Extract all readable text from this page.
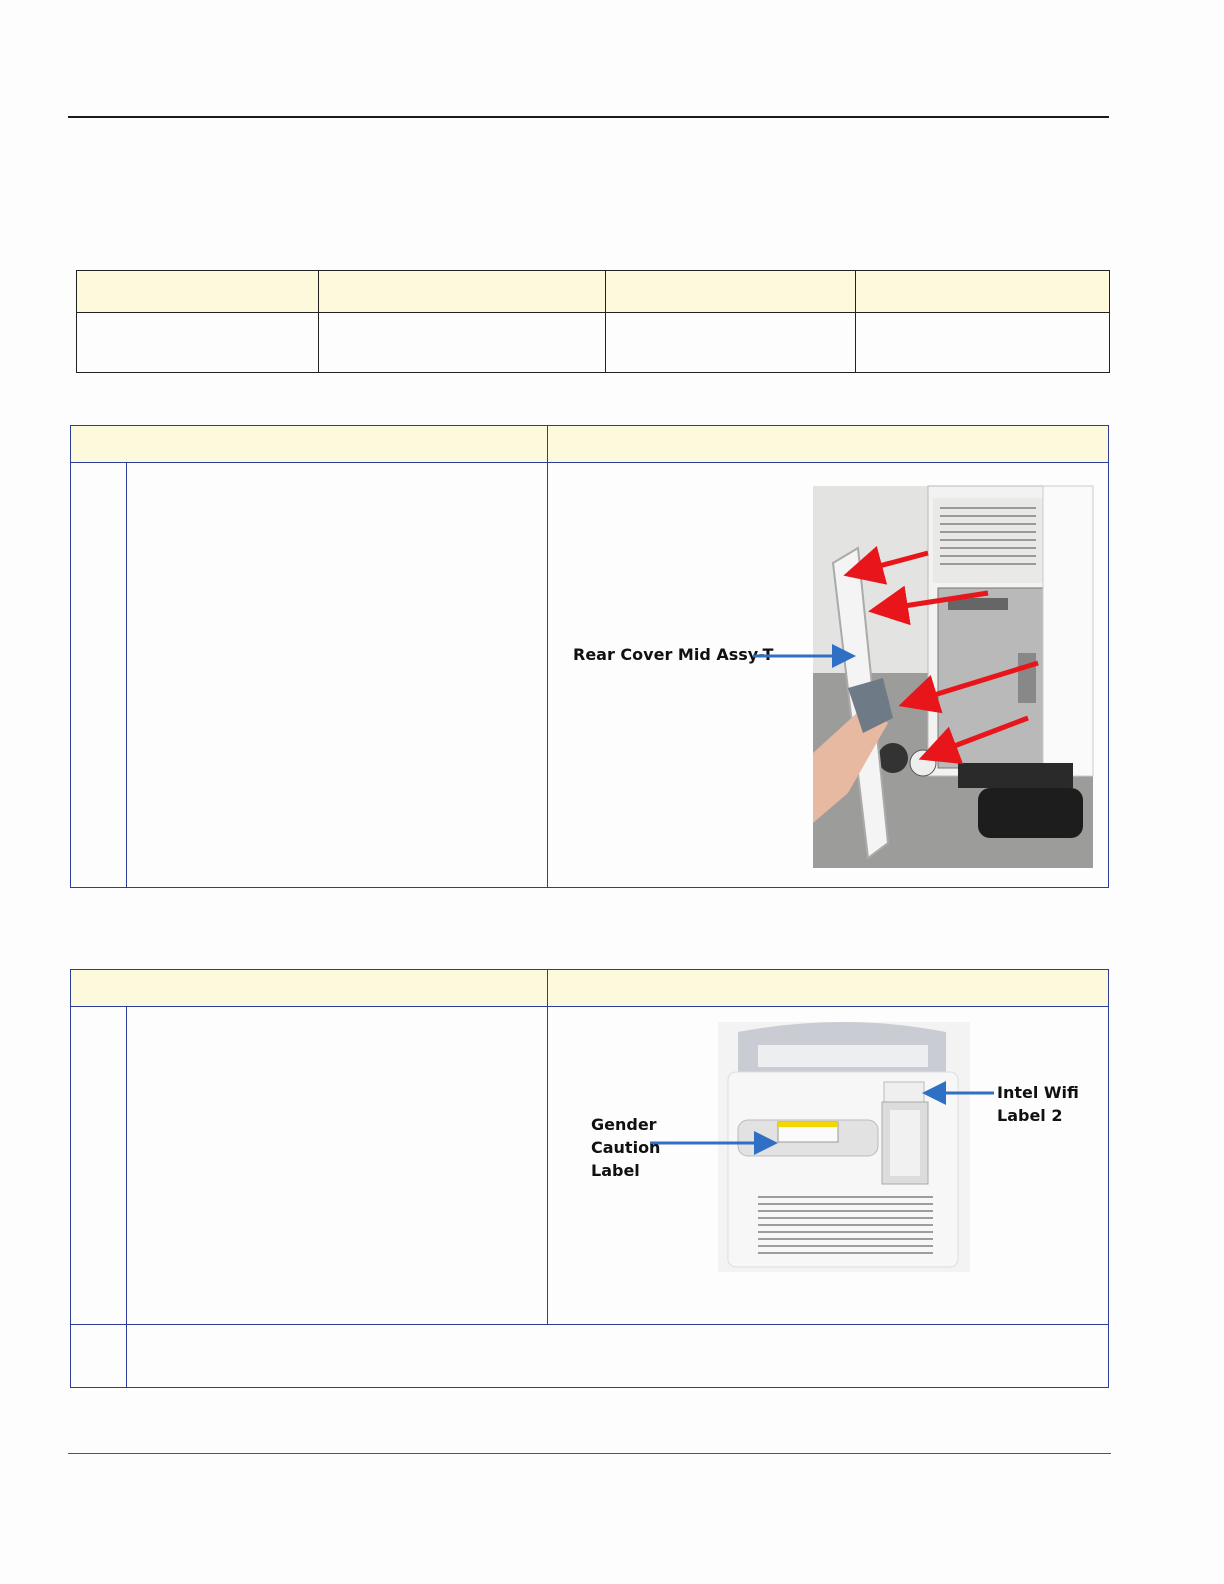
		Rear Cover Mid Assy-T

		Gender
Caution
Label
Intel Wifi
Label 2
